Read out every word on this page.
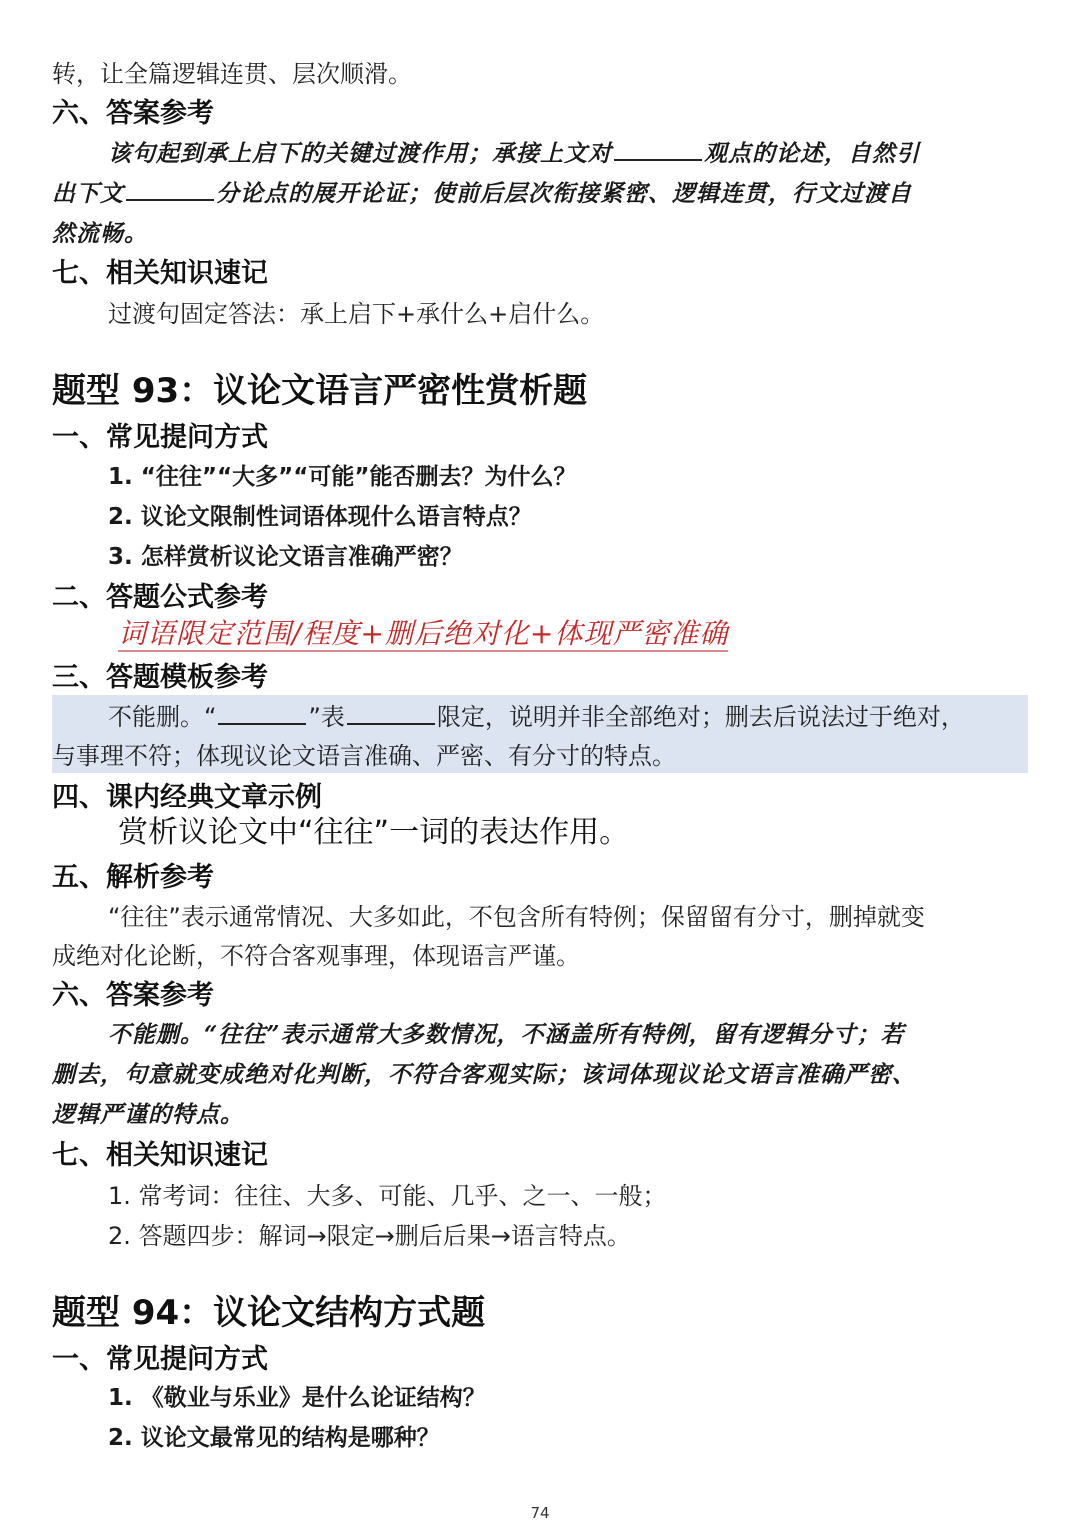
转，让全篇逻辑连贯、层次顺滑。
六、答案参考
该句起到承上启下的关键过渡作用；承接上文对	观点的论述，自然引
出下文	分论点的展开论证；使前后层次衔接紧密、逻辑连贯，行文过渡自
然流畅。
七、相关知识速记
过渡句固定答法：承上启下+承什么+启什么。
题型 93：议论文语言严密性赏析题
一、常见提问方式
1. “往往”“大多”“可能”能否删去？为什么？
2. 议论文限制性词语体现什么语言特点？
3. 怎样赏析议论文语言准确严密？
二、答题公式参考
词语限定范围/程度+删后绝对化+体现严密准确
三、答题模板参考
不能删。“	”表	限定，说明并非全部绝对；删去后说法过于绝对，
与事理不符；体现议论文语言准确、严密、有分寸的特点。
四、课内经典文章示例
赏析议论文中“往往”一词的表达作用。
五、解析参考
“往往”表示通常情况、大多如此，不包含所有特例；保留留有分寸，删掉就变
成绝对化论断，不符合客观事理，体现语言严谨。
六、答案参考
不能删。“往往”表示通常大多数情况，不涵盖所有特例，留有逻辑分寸；若
删去，句意就变成绝对化判断，不符合客观实际；该词体现议论文语言准确严密、
逻辑严谨的特点。
七、相关知识速记
1. 常考词：往往、大多、可能、几乎、之一、一般；
2. 答题四步：解词→限定→删后后果→语言特点。
题型 94：议论文结构方式题
一、常见提问方式
1. 《敬业与乐业》是什么论证结构？
2. 议论文最常见的结构是哪种？
74
